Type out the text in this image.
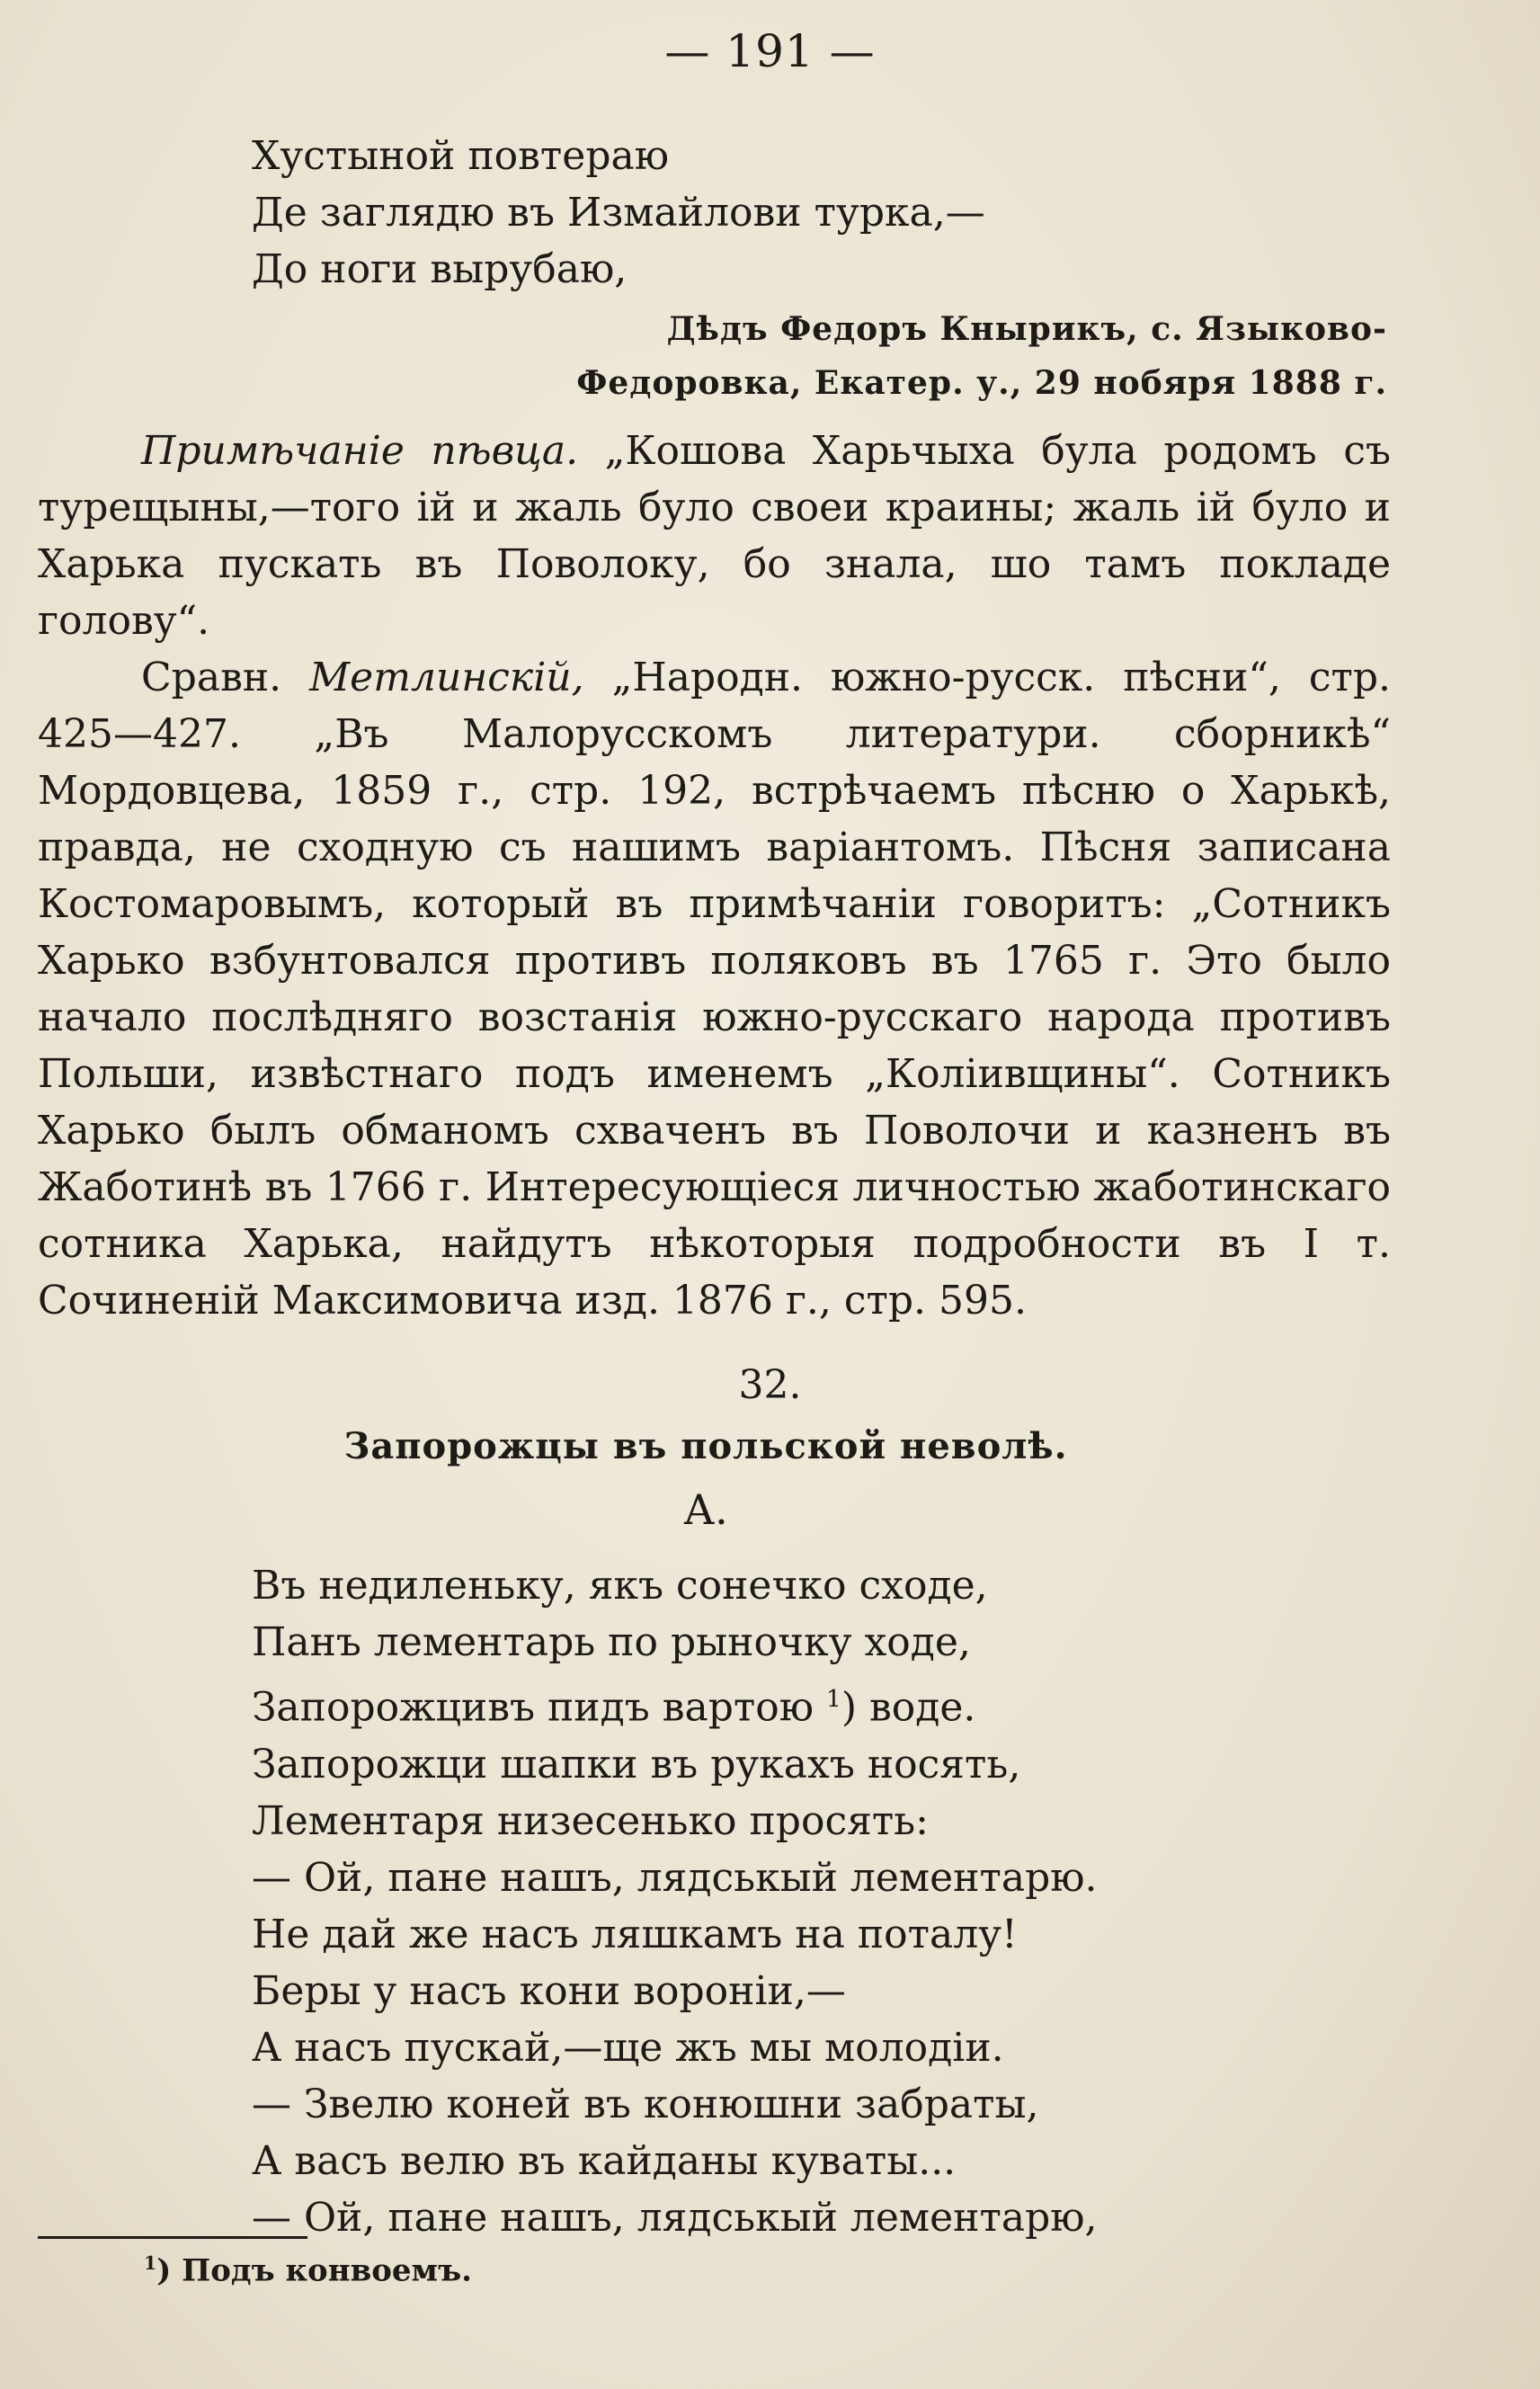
— 191 —
Хустыной повтераю
Де заглядю въ Измайлови турка,—
До ноги вырубаю,
Дѣдъ Федоръ Кнырикъ, с. Языково-
Федоровка, Екатер. у., 29 нобяря 1888 г.
Примѣчаніе пѣвца. „Кошова Харьчыха була родомъ съ турещыны,—того ій и жаль було своеи краины; жаль ій було и Харька пускать въ Поволоку, бо знала, шо тамъ покладе голову“.
Сравн. Метлинскій, „Народн. южно-русск. пѣсни“, стр. 425—427. „Въ Малорусскомъ литератури. сборникѣ“ Мордовцева, 1859 г., стр. 192, встрѣчаемъ пѣсню о Харькѣ, правда, не сходную съ нашимъ варіантомъ. Пѣсня записана Костомаровымъ, который въ примѣчаніи говоритъ: „Сотникъ Харько взбунтовался противъ поляковъ въ 1765 г. Это было начало послѣдняго возстанія южно-русскаго народа противъ Польши, извѣстнаго подъ именемъ „Коліивщины“. Сотникъ Харько былъ обманомъ схваченъ въ Поволочи и казненъ въ Жаботинѣ въ 1766 г. Интересующіеся личностью жаботинскаго сотника Харька, найдутъ нѣкоторыя подробности въ I т. Сочиненій Максимовича изд. 1876 г., стр. 595.
32.
Запорожцы въ польской неволѣ.
А.
Въ недиленьку, якъ сонечко сходе,
Панъ лементарь по рыночку ходе,
Запорожцивъ пидъ вартою $^1$) воде.
Запорожци шапки въ рукахъ носять,
Лементаря низесенько просять:
— Ой, пане нашъ, лядськый лементарю.
Не дай же насъ ляшкамъ на поталу!
Беры у насъ кони вороніи,—
А насъ пускай,—ще жъ мы молодіи.
— Звелю коней въ конюшни забраты,
А васъ велю въ кайданы куваты...
— Ой, пане нашъ, лядськый лементарю,
$^1$) Подъ конвоемъ.
